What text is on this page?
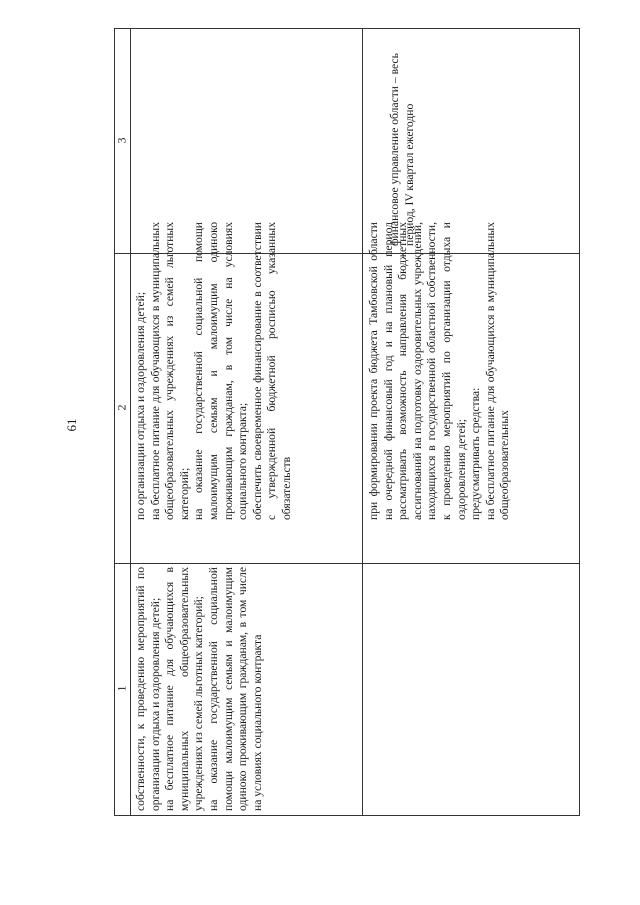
61
1
2
3

собственности, к проведению мероприятий по организации отдыха и оздоровления детей; на бесплатное питание для обучающихся в муниципальных общеобразовательных учреждениях из семей льготных категорий; на оказание государственной социальной помощи малоимущим семьям и малоимущим одиноко проживающим гражданам, в том числе на условиях социального контракта

по организации отдыха и оздоровления детей; на бесплатное питание для обучающихся в муниципальных общеобразовательных учреждениях из семей льготных категорий; на оказание государственной социальной помощи малоимущим семьям и малоимущим одиноко проживающим гражданам, в том числе на условиях социального контракта; обеспечить своевременное финансирование в соответствии с утвержденной бюджетной росписью указанных обязательств	при формировании проекта бюджета Тамбовской области на очередной финансовый год и на плановый период рассматривать возможность направления бюджетных ассигнований на подготовку оздоровительных учреждений, находящихся в государственной областной собственности, к проведению мероприятий по организации отдыха и оздоровления детей; предусматривать средства: на бесплатное питание для обучающихся в муниципальных общеобразовательных

финансовое управление области – весь период, IV квартал ежегодно
